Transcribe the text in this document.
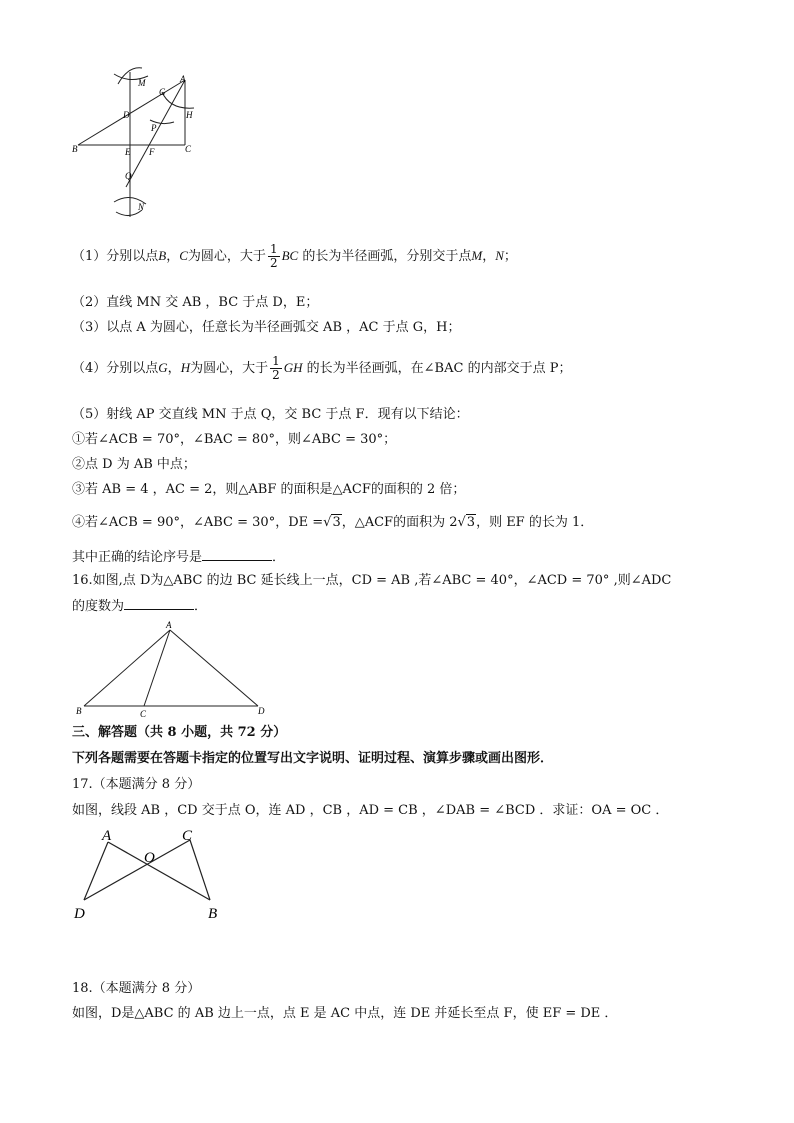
M	A
G
D	H
P
B	E F	C
Q
N
（1）分别以点B，C为圆心，大于 $\frac{1}{2}$ BC 的长为半径画弧，分别交于点M，N；
（2）直线 MN 交 AB ，BC 于点 D，E；
（3）以点 A 为圆心，任意长为半径画弧交 AB ，AC 于点 G，H；
（4）分别以点G，H为圆心，大于 $\frac{1}{2}$ GH 的长为半径画弧，在∠BAC 的内部交于点 P；
（5）射线 AP 交直线 MN 于点 Q，交 BC 于点 F．现有以下结论：
①若∠ACB = 70°，∠BAC = 80°，则∠ABC = 30°；
②点 D 为 AB 中点；
③若 AB = 4 ，AC = 2，则△ABF 的面积是△ACF的面积的 2 倍；
④若∠ACB = 90°，∠ABC = 30°，DE =√3，△ACF的面积为 2√3，则 EF 的长为 1．
其中正确的结论序号是	．
16.如图,点 D为△ABC 的边 BC 延长线上一点，CD = AB ,若∠ABC = 40°，∠ACD = 70° ,则∠ADC
的度数为	．
A
B	C	D
三、解答题（共 8 小题，共 72 分）
下列各题需要在答题卡指定的位置写出文字说明、证明过程、演算步骤或画出图形．
17.（本题满分 8 分）
如图，线段 AB ，CD 交于点 O，连 AD ，CB ，AD = CB ，∠DAB = ∠BCD ．求证：OA = OC ．
A	C
O
D	B
18.（本题满分 8 分）
如图，D是△ABC 的 AB 边上一点，点 E 是 AC 中点，连 DE 并延长至点 F，使 EF = DE ．
